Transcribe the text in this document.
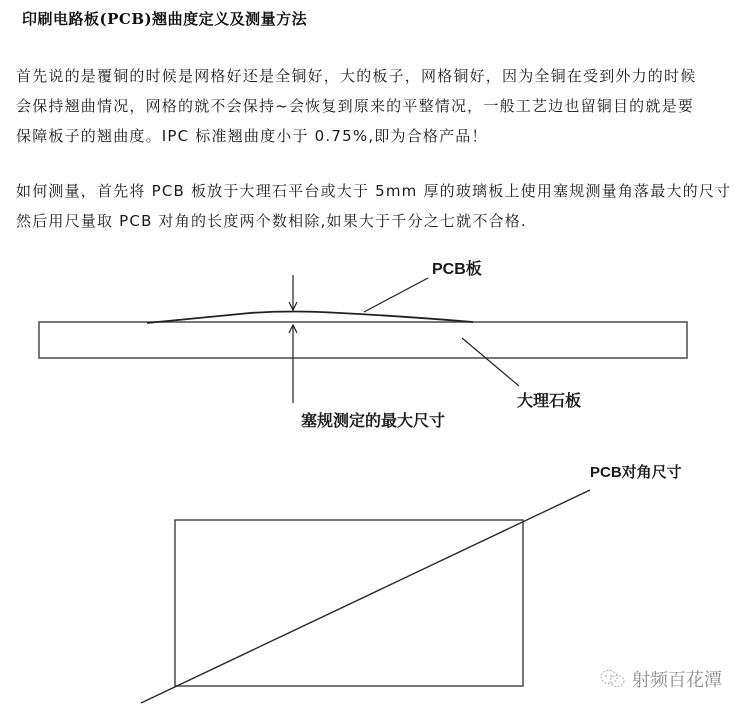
印刷电路板(PCB)翘曲度定义及测量方法
首先说的是覆铜的时候是网格好还是全铜好，大的板子，网格铜好，因为全铜在受到外力的时候
会保持翘曲情况，网格的就不会保持~会恢复到原来的平整情况，一般工艺边也留铜目的就是要
保障板子的翘曲度。IPC 标准翘曲度小于 0.75%,即为合格产品！
如何测量，首先将 PCB 板放于大理石平台或大于 5mm 厚的玻璃板上使用塞规测量角落最大的尺寸
然后用尺量取 PCB 对角的长度两个数相除,如果大于千分之七就不合格.
PCB板
大理石板
塞规测定的最大尺寸
PCB对角尺寸
射频百花潭
